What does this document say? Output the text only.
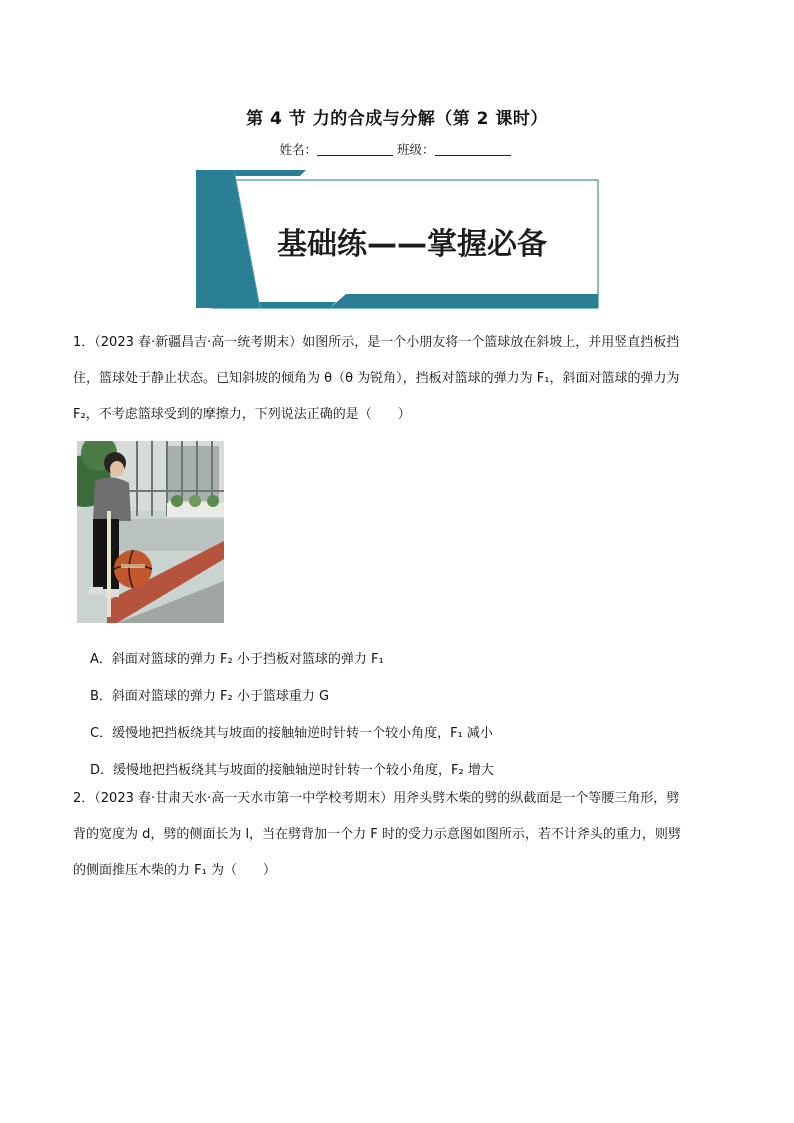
第 4 节 力的合成与分解（第 2 课时）
姓名：	班级：
基础练——掌握必备
1．（2023 春·新疆昌吉·高一统考期末）如图所示，是一个小朋友将一个篮球放在斜坡上，并用竖直挡板挡
住，篮球处于静止状态。已知斜坡的倾角为 θ（θ 为锐角），挡板对篮球的弹力为 F₁，斜面对篮球的弹力为
F₂，不考虑篮球受到的摩擦力，下列说法正确的是（　　）
A．斜面对篮球的弹力 F₂ 小于挡板对篮球的弹力 F₁
B．斜面对篮球的弹力 F₂ 小于篮球重力 G
C．缓慢地把挡板绕其与坡面的接触轴逆时针转一个较小角度，F₁ 减小
D．缓慢地把挡板绕其与坡面的接触轴逆时针转一个较小角度，F₂ 增大
2．（2023 春·甘肃天水·高一天水市第一中学校考期末）用斧头劈木柴的劈的纵截面是一个等腰三角形，劈
背的宽度为 d，劈的侧面长为 l，当在劈背加一个力 F 时的受力示意图如图所示，若不计斧头的重力，则劈
的侧面推压木柴的力 F₁ 为（　　）
